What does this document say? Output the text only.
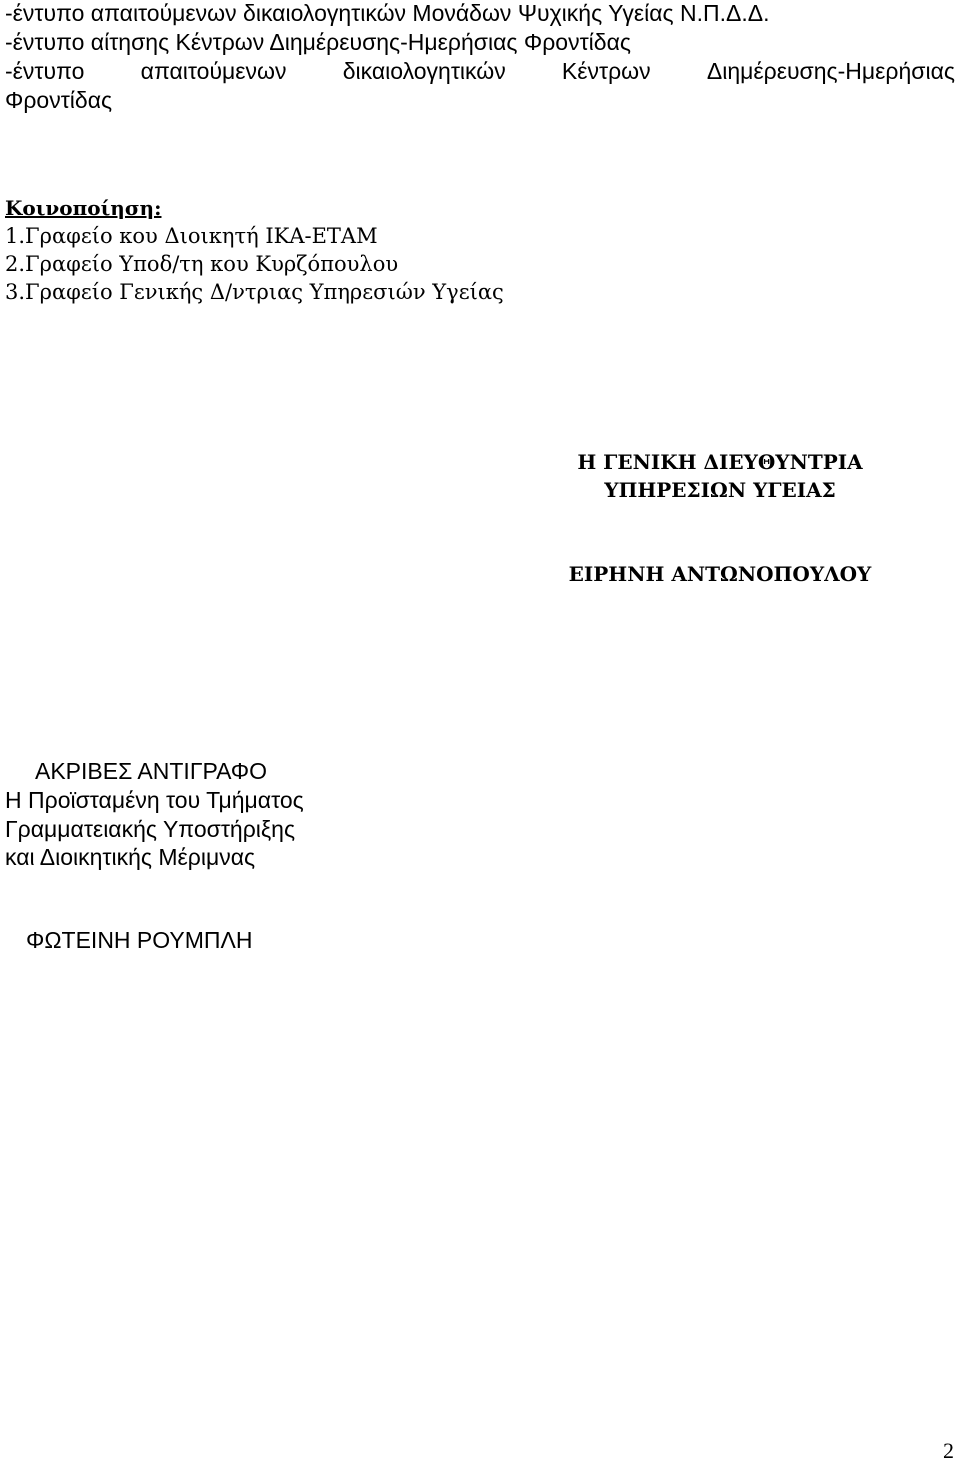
-έντυπο απαιτούμενων δικαιολογητικών Μονάδων Ψυχικής Υγείας Ν.Π.Δ.Δ.
-έντυπο αίτησης Κέντρων Διημέρευσης-Ημερήσιας Φροντίδας
-έντυπο απαιτούμενων δικαιολογητικών Κέντρων Διημέρευσης-Ημερήσιας
Φροντίδας
Κοινοποίηση:
1.Γραφείο κου Διοικητή ΙΚΑ-ΕΤΑΜ
2.Γραφείο Υποδ/τη κου Κυρζόπουλου
3.Γραφείο Γενικής Δ/ντριας Υπηρεσιών Υγείας
Η ΓΕΝΙΚΗ ΔΙΕΥΘΥΝΤΡΙΑ
ΥΠΗΡΕΣΙΩΝ ΥΓΕΙΑΣ
ΕΙΡΗΝΗ ΑΝΤΩΝΟΠΟΥΛΟΥ
ΑΚΡΙΒΕΣ ΑΝΤΙΓΡΑΦΟ
Η Προϊσταμένη του Τμήματος
Γραμματειακής Υποστήριξης
και Διοικητικής Μέριμνας
ΦΩΤΕΙΝΗ ΡΟΥΜΠΛΗ
2
